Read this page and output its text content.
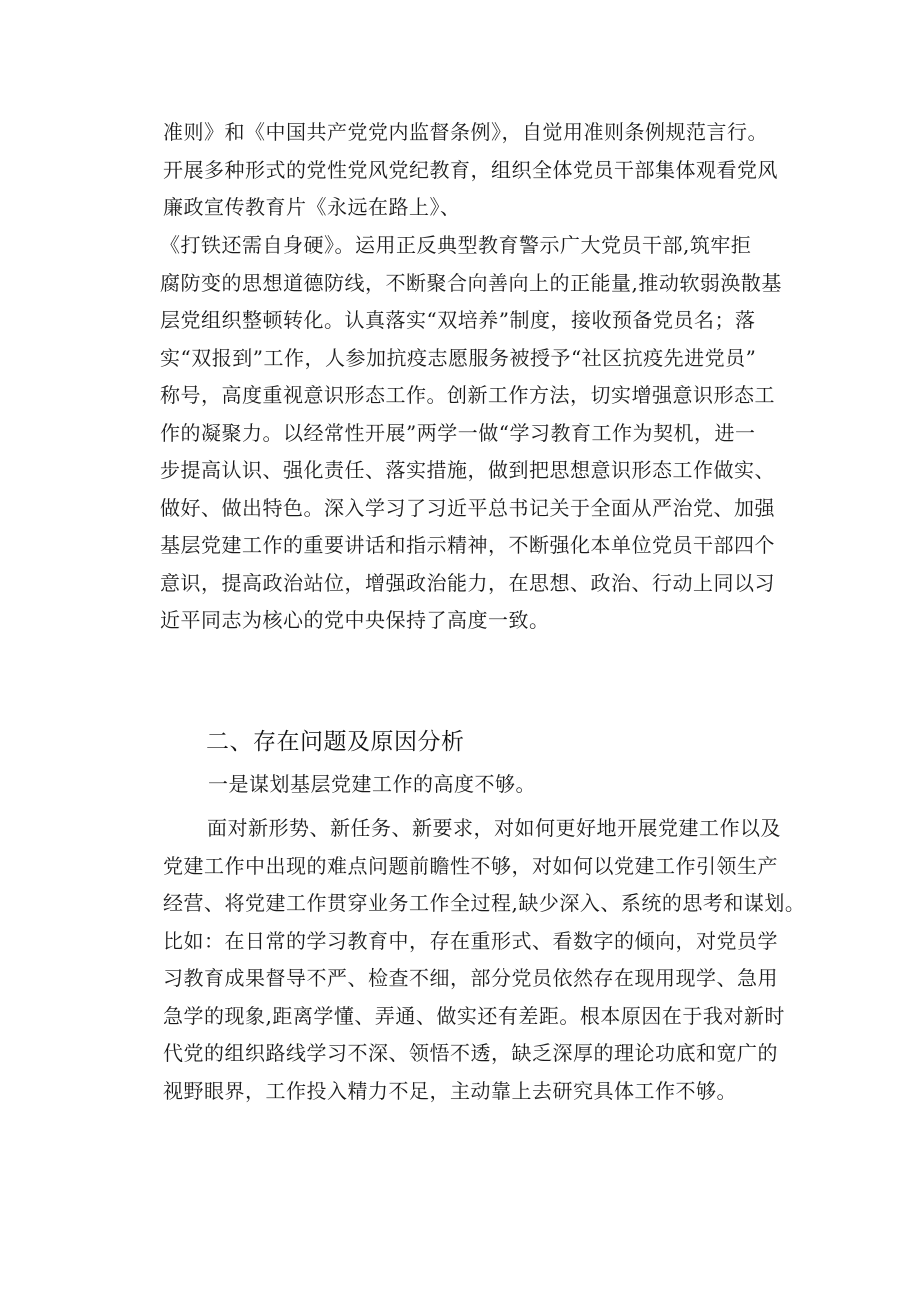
准则》和《中国共产党党内监督条例》，自觉用准则条例规范言行。
开展多种形式的党性党风党纪教育，组织全体党员干部集体观看党风
廉政宣传教育片《永远在路上》、
《打铁还需自身硬》。运用正反典型教育警示广大党员干部,筑牢拒
腐防变的思想道德防线，不断聚合向善向上的正能量,推动软弱涣散基
层党组织整顿转化。认真落实“双培养”制度，接收预备党员名；落
实“双报到”工作，人参加抗疫志愿服务被授予“社区抗疫先进党员”
称号，高度重视意识形态工作。创新工作方法，切实增强意识形态工
作的凝聚力。以经常性开展”两学一做“学习教育工作为契机，进一
步提高认识、强化责任、落实措施，做到把思想意识形态工作做实、
做好、做出特色。深入学习了习近平总书记关于全面从严治党、加强
基层党建工作的重要讲话和指示精神，不断强化本单位党员干部四个
意识，提高政治站位，增强政治能力，在思想、政治、行动上同以习
近平同志为核心的党中央保持了高度一致。
二、存在问题及原因分析
一是谋划基层党建工作的高度不够。
面对新形势、新任务、新要求，对如何更好地开展党建工作以及
党建工作中出现的难点问题前瞻性不够，对如何以党建工作引领生产
经营、将党建工作贯穿业务工作全过程,缺少深入、系统的思考和谋划。
比如：在日常的学习教育中，存在重形式、看数字的倾向，对党员学
习教育成果督导不严、检查不细，部分党员依然存在现用现学、急用
急学的现象,距离学懂、弄通、做实还有差距。根本原因在于我对新时
代党的组织路线学习不深、领悟不透，缺乏深厚的理论功底和宽广的
视野眼界，工作投入精力不足，主动靠上去研究具体工作不够。
